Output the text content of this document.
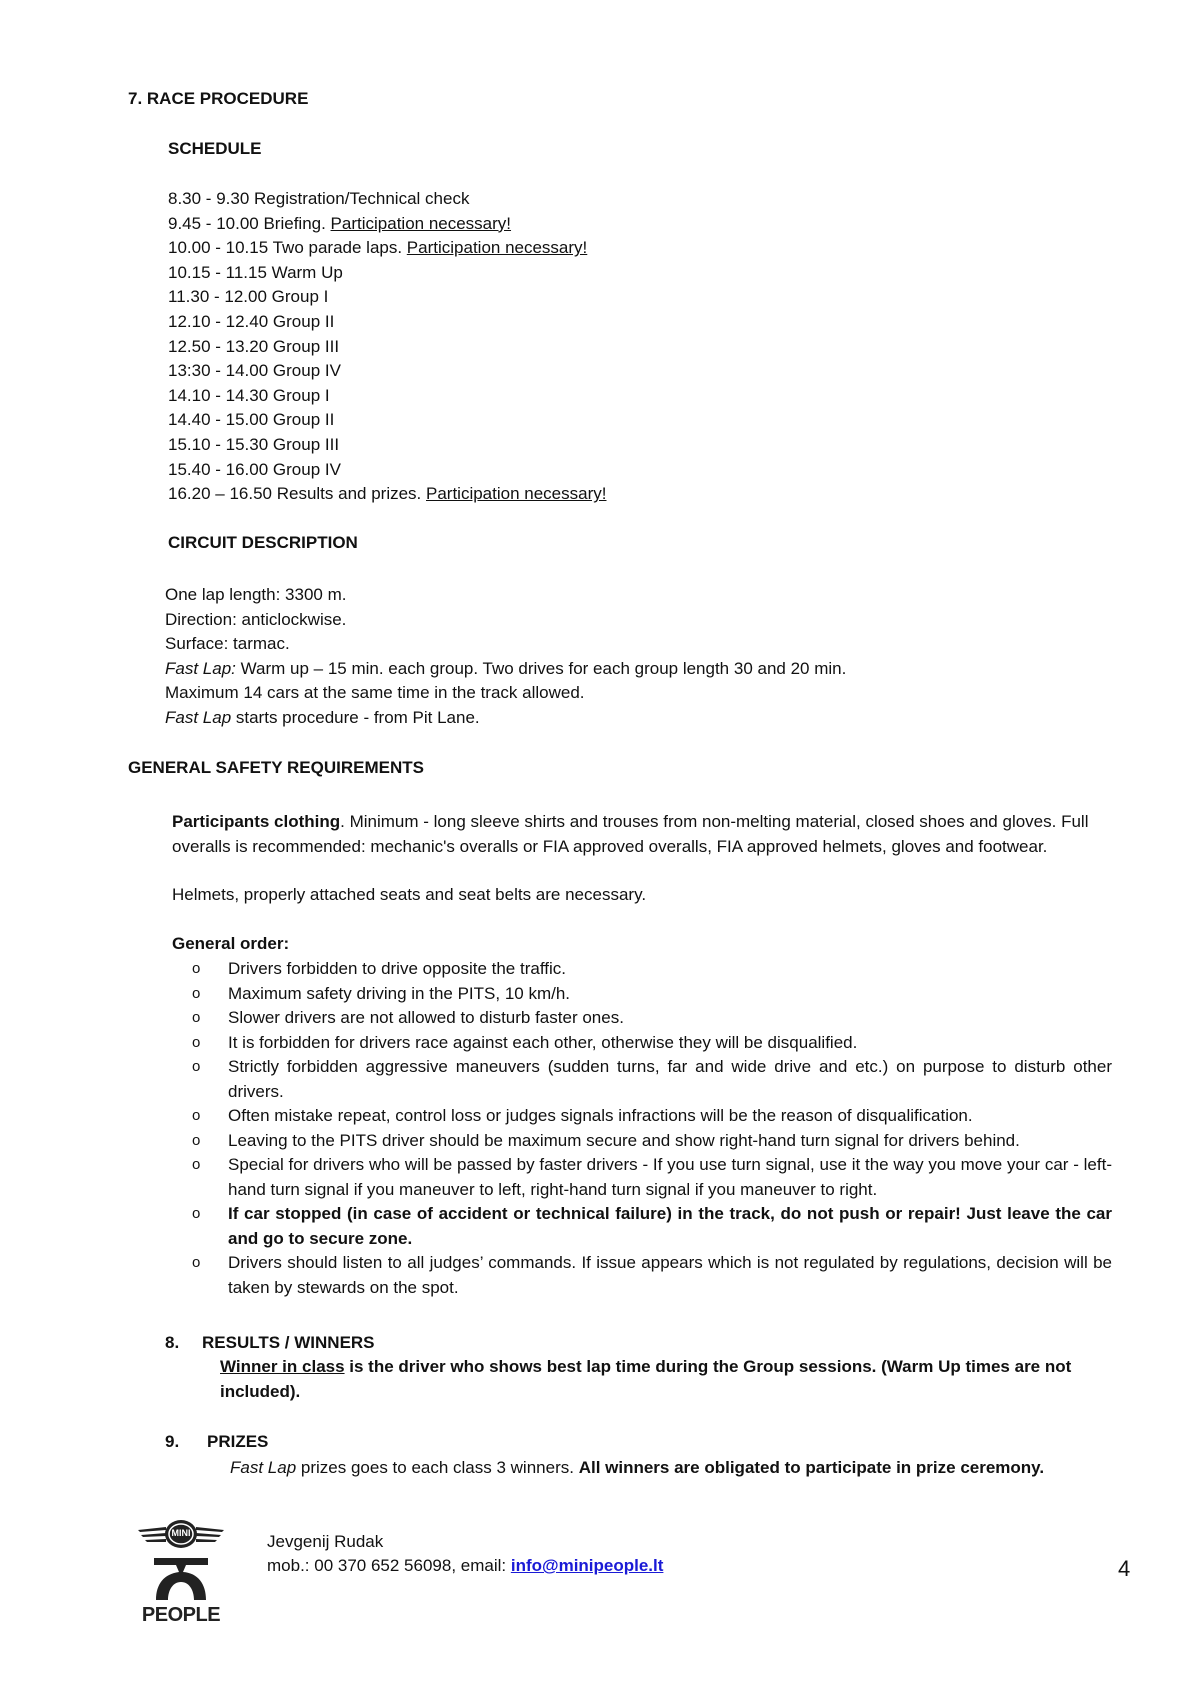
7. RACE PROCEDURE
SCHEDULE
8.30 - 9.30 Registration/Technical check
9.45 - 10.00 Briefing. Participation necessary!
10.00 - 10.15 Two parade laps. Participation necessary!
10.15 - 11.15 Warm Up
11.30 - 12.00 Group I
12.10 - 12.40 Group II
12.50 - 13.20 Group III
13:30 - 14.00 Group IV
14.10 - 14.30 Group I
14.40 - 15.00 Group II
15.10 - 15.30 Group III
15.40 - 16.00 Group IV
16.20 – 16.50 Results and prizes. Participation necessary!
CIRCUIT DESCRIPTION
One lap length: 3300 m.
Direction: anticlockwise.
Surface: tarmac.
Fast Lap: Warm up – 15 min. each group. Two drives for each group length 30 and 20 min.
Maximum 14 cars at the same time in the track allowed.
Fast Lap starts procedure - from Pit Lane.
GENERAL SAFETY REQUIREMENTS
Participants clothing. Minimum - long sleeve shirts and trouses from non-melting material, closed shoes and gloves. Full overalls is recommended: mechanic's overalls or FIA approved overalls, FIA approved helmets, gloves and footwear.
Helmets, properly attached seats and seat belts are necessary.
General order:
o Drivers forbidden to drive opposite the traffic.
o Maximum safety driving in the PITS, 10 km/h.
o Slower drivers are not allowed to disturb faster ones.
o It is forbidden for drivers race against each other, otherwise they will be disqualified.
o Strictly forbidden aggressive maneuvers (sudden turns, far and wide drive and etc.) on purpose to disturb other drivers.
o Often mistake repeat, control loss or judges signals infractions will be the reason of disqualification.
o Leaving to the PITS driver should be maximum secure and show right-hand turn signal for drivers behind.
o Special for drivers who will be passed by faster drivers - If you use turn signal, use it the way you move your car - left-hand turn signal if you maneuver to left, right-hand turn signal if you maneuver to right.
o If car stopped (in case of accident or technical failure) in the track, do not push or repair! Just leave the car and go to secure zone.
o Drivers should listen to all judges’ commands. If issue appears which is not regulated by regulations, decision will be taken by stewards on the spot.
8. RESULTS / WINNERS
Winner in class is the driver who shows best lap time during the Group sessions. (Warm Up times are not included).
9. PRIZES
Fast Lap prizes goes to each class 3 winners. All winners are obligated to participate in prize ceremony.
MINI
PEOPLE
Jevgenij Rudak
mob.: 00 370 652 56098, email: info@minipeople.lt	4
